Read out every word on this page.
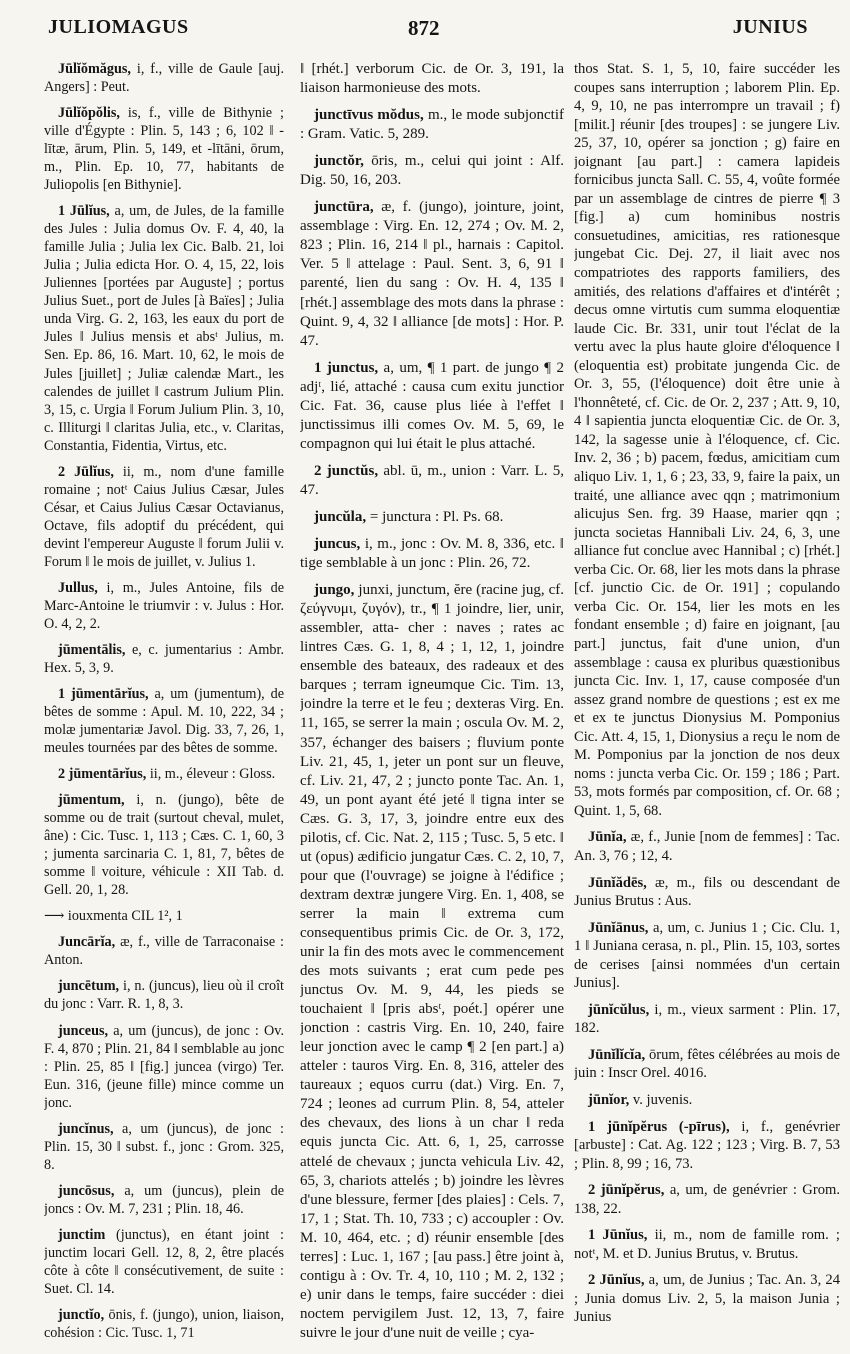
JULIOMAGUS	872	JUNIUS

Jūlĭŏmăgus, i, f., ville de Gaule [auj. Angers] : Peut.

Jūlĭŏpŏlis, is, f., ville de Bithynie ; ville d'Égypte : Plin. 5, 143 ; 6, 102 ‖ -lītæ, ārum, Plin. 5, 149, et -lītāni, ōrum, m., Plin. Ep. 10, 77, habitants de Juliopolis [en Bithynie].

1 Jūlĭus, a, um, de Jules, de la famille des Jules : Julia domus Ov. F. 4, 40, la famille Julia ; Julia lex Cic. Balb. 21, loi Julia ; Julia edicta Hor. O. 4, 15, 22, lois Juliennes [portées par Auguste] ; portus Julius Suet., port de Jules [à Baïes] ; Julia unda Virg. G. 2, 163, les eaux du port de Jules ‖ Julius mensis et absᵗ Julius, m. Sen. Ep. 86, 16. Mart. 10, 62, le mois de Jules [juillet] ; Juliæ calendæ Mart., les calendes de juillet ‖ castrum Julium Plin. 3, 15, c. Urgia ‖ Forum Julium Plin. 3, 10, c. Illiturgi ‖ claritas Julia, etc., v. Claritas, Constantia, Fidentia, Virtus, etc.

2 Jūlĭus, ii, m., nom d'une famille romaine ; notᵗ Caius Julius Cæsar, Jules César, et Caius Julius Cæsar Octavianus, Octave, fils adoptif du précédent, qui devint l'empereur Auguste ‖ forum Julii v. Forum ‖ le mois de juillet, v. Julius 1.

Jullus, i, m., Jules Antoine, fils de Marc-Antoine le triumvir : v. Julus : Hor. O. 4, 2, 2.

jūmentālis, e, c. jumentarius : Ambr. Hex. 5, 3, 9.

1 jūmentārĭus, a, um (jumentum), de bêtes de somme : Apul. M. 10, 222, 34 ; molæ jumentariæ Javol. Dig. 33, 7, 26, 1, meules tournées par des bêtes de somme.

2 jūmentārĭus, ii, m., éleveur : Gloss.

jūmentum, i, n. (jungo), bête de somme ou de trait (surtout cheval, mulet, âne) : Cic. Tusc. 1, 113 ; Cæs. C. 1, 60, 3 ; jumenta sarcinaria C. 1, 81, 7, bêtes de somme ‖ voiture, véhicule : XII Tab. d. Gell. 20, 1, 28.

⟶ iouxmenta CIL 1², 1

Juncārĭa, æ, f., ville de Tarraconaise : Anton.

juncētum, i, n. (juncus), lieu où il croît du jonc : Varr. R. 1, 8, 3.

junceus, a, um (juncus), de jonc : Ov. F. 4, 870 ; Plin. 21, 84 ‖ semblable au jonc : Plin. 25, 85 ‖ [fig.] juncea (virgo) Ter. Eun. 316, (jeune fille) mince comme un jonc.

juncĭnus, a, um (juncus), de jonc : Plin. 15, 30 ‖ subst. f., jonc : Grom. 325, 8.

juncōsus, a, um (juncus), plein de joncs : Ov. M. 7, 231 ; Plin. 18, 46.

junctim (junctus), en étant joint : junctim locari Gell. 12, 8, 2, être placés côte à côte ‖ consécutivement, de suite : Suet. Cl. 14.

junctĭo, ōnis, f. (jungo), union, liaison, cohésion : Cic. Tusc. 1, 71

‖ [rhét.] verborum Cic. de Or. 3, 191, la liaison harmonieuse des mots.

junctīvus mŏdus, m., le mode subjonctif : Gram. Vatic. 5, 289.

junctŏr, ōris, m., celui qui joint : Alf. Dig. 50, 16, 203.

junctūra, æ, f. (jungo), jointure, joint, assemblage : Virg. En. 12, 274 ; Ov. M. 2, 823 ; Plin. 16, 214 ‖ pl., harnais : Capitol. Ver. 5 ‖ attelage : Paul. Sent. 3, 6, 91 ‖ parenté, lien du sang : Ov. H. 4, 135 ‖ [rhét.] assemblage des mots dans la phrase : Quint. 9, 4, 32 ‖ alliance [de mots] : Hor. P. 47.

1 junctus, a, um, ¶ 1 part. de jungo ¶ 2 adjᵗ, lié, attaché : causa cum exitu junctior Cic. Fat. 36, cause plus liée à l'effet ‖ junctissimus illi comes Ov. M. 5, 69, le compagnon qui lui était le plus attaché.

2 junctŭs, abl. ū, m., union : Varr. L. 5, 47.

juncŭla, = junctura : Pl. Ps. 68.

juncus, i, m., jonc : Ov. M. 8, 336, etc. ‖ tige semblable à un jonc : Plin. 26, 72.

jungo, junxi, junctum, ĕre (racine jug, cf. ζεύγνυμι, ζυγόν), tr., ¶ 1 joindre, lier, unir, assembler, atta- cher : naves ; rates ac lintres Cæs. G. 1, 8, 4 ; 1, 12, 1, joindre ensemble des bateaux, des radeaux et des barques ; terram igneumque Cic. Tim. 13, joindre la terre et le feu ; dexteras Virg. En. 11, 165, se serrer la main ; oscula Ov. M. 2, 357, échanger des baisers ; fluvium ponte Liv. 21, 45, 1, jeter un pont sur un fleuve, cf. Liv. 21, 47, 2 ; juncto ponte Tac. An. 1, 49, un pont ayant été jeté ‖ tigna inter se Cæs. G. 3, 17, 3, joindre entre eux des pilotis, cf. Cic. Nat. 2, 115 ; Tusc. 5, 5 etc. ‖ ut (opus) ædificio jungatur Cæs. C. 2, 10, 7, pour que (l'ouvrage) se joigne à l'édifice ; dextram dextræ jungere Virg. En. 1, 408, se serrer la main ‖ extrema cum consequentibus primis Cic. de Or. 3, 172, unir la fin des mots avec le commencement des mots suivants ; erat cum pede pes junctus Ov. M. 9, 44, les pieds se touchaient ‖ [pris absᵗ, poét.] opérer une jonction : castris Virg. En. 10, 240, faire leur jonction avec le camp ¶ 2 [en part.] a) atteler : tauros Virg. En. 8, 316, atteler des taureaux ; equos curru (dat.) Virg. En. 7, 724 ; leones ad currum Plin. 8, 54, atteler des chevaux, des lions à un char ‖ reda equis juncta Cic. Att. 6, 1, 25, carrosse attelé de chevaux ; juncta vehicula Liv. 42, 65, 3, chariots attelés ; b) joindre les lèvres d'une blessure, fermer [des plaies] : Cels. 7, 17, 1 ; Stat. Th. 10, 733 ; c) accoupler : Ov. M. 10, 464, etc. ; d) réunir ensemble [des terres] : Luc. 1, 167 ; [au pass.] être joint à, contigu à : Ov. Tr. 4, 10, 110 ; M. 2, 132 ; e) unir dans le temps, faire succéder : diei noctem pervigilem Just. 12, 13, 7, faire suivre le jour d'une nuit de veille ; cya-

thos Stat. S. 1, 5, 10, faire succéder les coupes sans interruption ; laborem Plin. Ep. 4, 9, 10, ne pas interrompre un travail ; f) [milit.] réunir [des troupes] : se jungere Liv. 25, 37, 10, opérer sa jonction ; g) faire en joignant [au part.] : camera lapideis fornicibus juncta Sall. C. 55, 4, voûte formée par un assemblage de cintres de pierre ¶ 3 [fig.] a) cum hominibus nostris consuetudines, amicitias, res rationesque jungebat Cic. Dej. 27, il liait avec nos compatriotes des rapports familiers, des amitiés, des relations d'affaires et d'intérêt ; decus omne virtutis cum summa eloquentiæ laude Cic. Br. 331, unir tout l'éclat de la vertu avec la plus haute gloire d'éloquence ‖ (eloquentia est) probitate jungenda Cic. de Or. 3, 55, (l'éloquence) doit être unie à l'honnêteté, cf. Cic. de Or. 2, 237 ; Att. 9, 10, 4 ‖ sapientia juncta eloquentiæ Cic. de Or. 3, 142, la sagesse unie à l'éloquence, cf. Cic. Inv. 2, 36 ; b) pacem, fœdus, amicitiam cum aliquo Liv. 1, 1, 6 ; 23, 33, 9, faire la paix, un traité, une alliance avec qqn ; matrimonium alicujus Sen. frg. 39 Haase, marier qqn ; juncta societas Hannibali Liv. 24, 6, 3, une alliance fut conclue avec Hannibal ; c) [rhét.] verba Cic. Or. 68, lier les mots dans la phrase [cf. junctio Cic. de Or. 191] ; copulando verba Cic. Or. 154, lier les mots en les fondant ensemble ; d) faire en joignant, [au part.] junctus, fait d'une union, d'un assemblage : causa ex pluribus quæstionibus juncta Cic. Inv. 1, 17, cause composée d'un assez grand nombre de questions ; est ex me et ex te junctus Dionysius M. Pomponius Cic. Att. 4, 15, 1, Dionysius a reçu le nom de M. Pomponius par la jonction de nos deux noms : juncta verba Cic. Or. 159 ; 186 ; Part. 53, mots formés par composition, cf. Or. 68 ; Quint. 1, 5, 68.

Jūnĭa, æ, f., Junie [nom de femmes] : Tac. An. 3, 76 ; 12, 4.

Jūnĭădēs, æ, m., fils ou descendant de Junius Brutus : Aus.

Jūnĭānus, a, um, c. Junius 1 ; Cic. Clu. 1, 1 ‖ Juniana cerasa, n. pl., Plin. 15, 103, sortes de cerises [ainsi nommées d'un certain Junius].

jūnĭcŭlus, i, m., vieux sarment : Plin. 17, 182.

Jūnĭlĭcĭa, ōrum, fêtes célébrées au mois de juin : Inscr Orel. 4016.

jūnĭor, v. juvenis.

1 jūnĭpĕrus (-pīrus), i, f., genévrier [arbuste] : Cat. Ag. 122 ; 123 ; Virg. B. 7, 53 ; Plin. 8, 99 ; 16, 73.

2 jūnĭpĕrus, a, um, de genévrier : Grom. 138, 22.

1 Jūnĭus, ii, m., nom de famille rom. ; notᵗ, M. et D. Junius Brutus, v. Brutus.

2 Jūnĭus, a, um, de Junius ; Tac. An. 3, 24 ; Junia domus Liv. 2, 5, la maison Junia ; Junius
